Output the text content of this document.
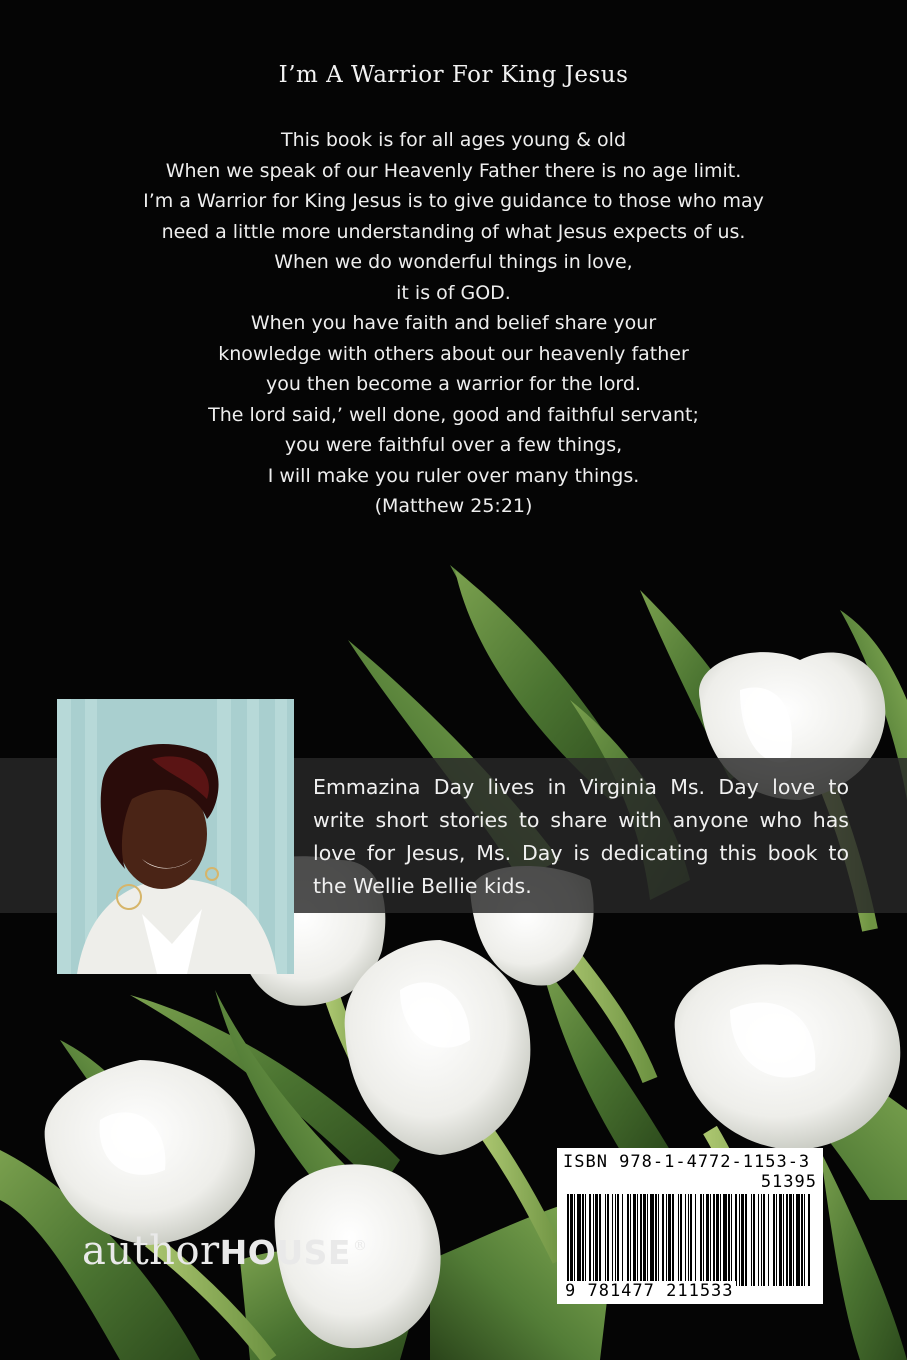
I’m A Warrior For King Jesus
This book is for all ages young & old
When we speak of our Heavenly Father there is no age limit.
I’m a Warrior for King Jesus is to give guidance to those who may
need a little more understanding of what Jesus expects of us.
When we do wonderful things in love,
it is of GOD.
When you have faith and belief share your
knowledge with others about our heavenly father
you then become a warrior for the lord.
The lord said,’ well done, good and faithful servant;
you were faithful over a few things,
I will make you ruler over many things.
(Matthew 25:21)
Emmazina Day lives in Virginia Ms. Day love to
write short stories to share with anyone who has
love for Jesus, Ms. Day is dedicating this book to
the Wellie Bellie kids.
authorHOUSE ®
ISBN 978-1-4772-1153-3
51395
9 781477 211533
